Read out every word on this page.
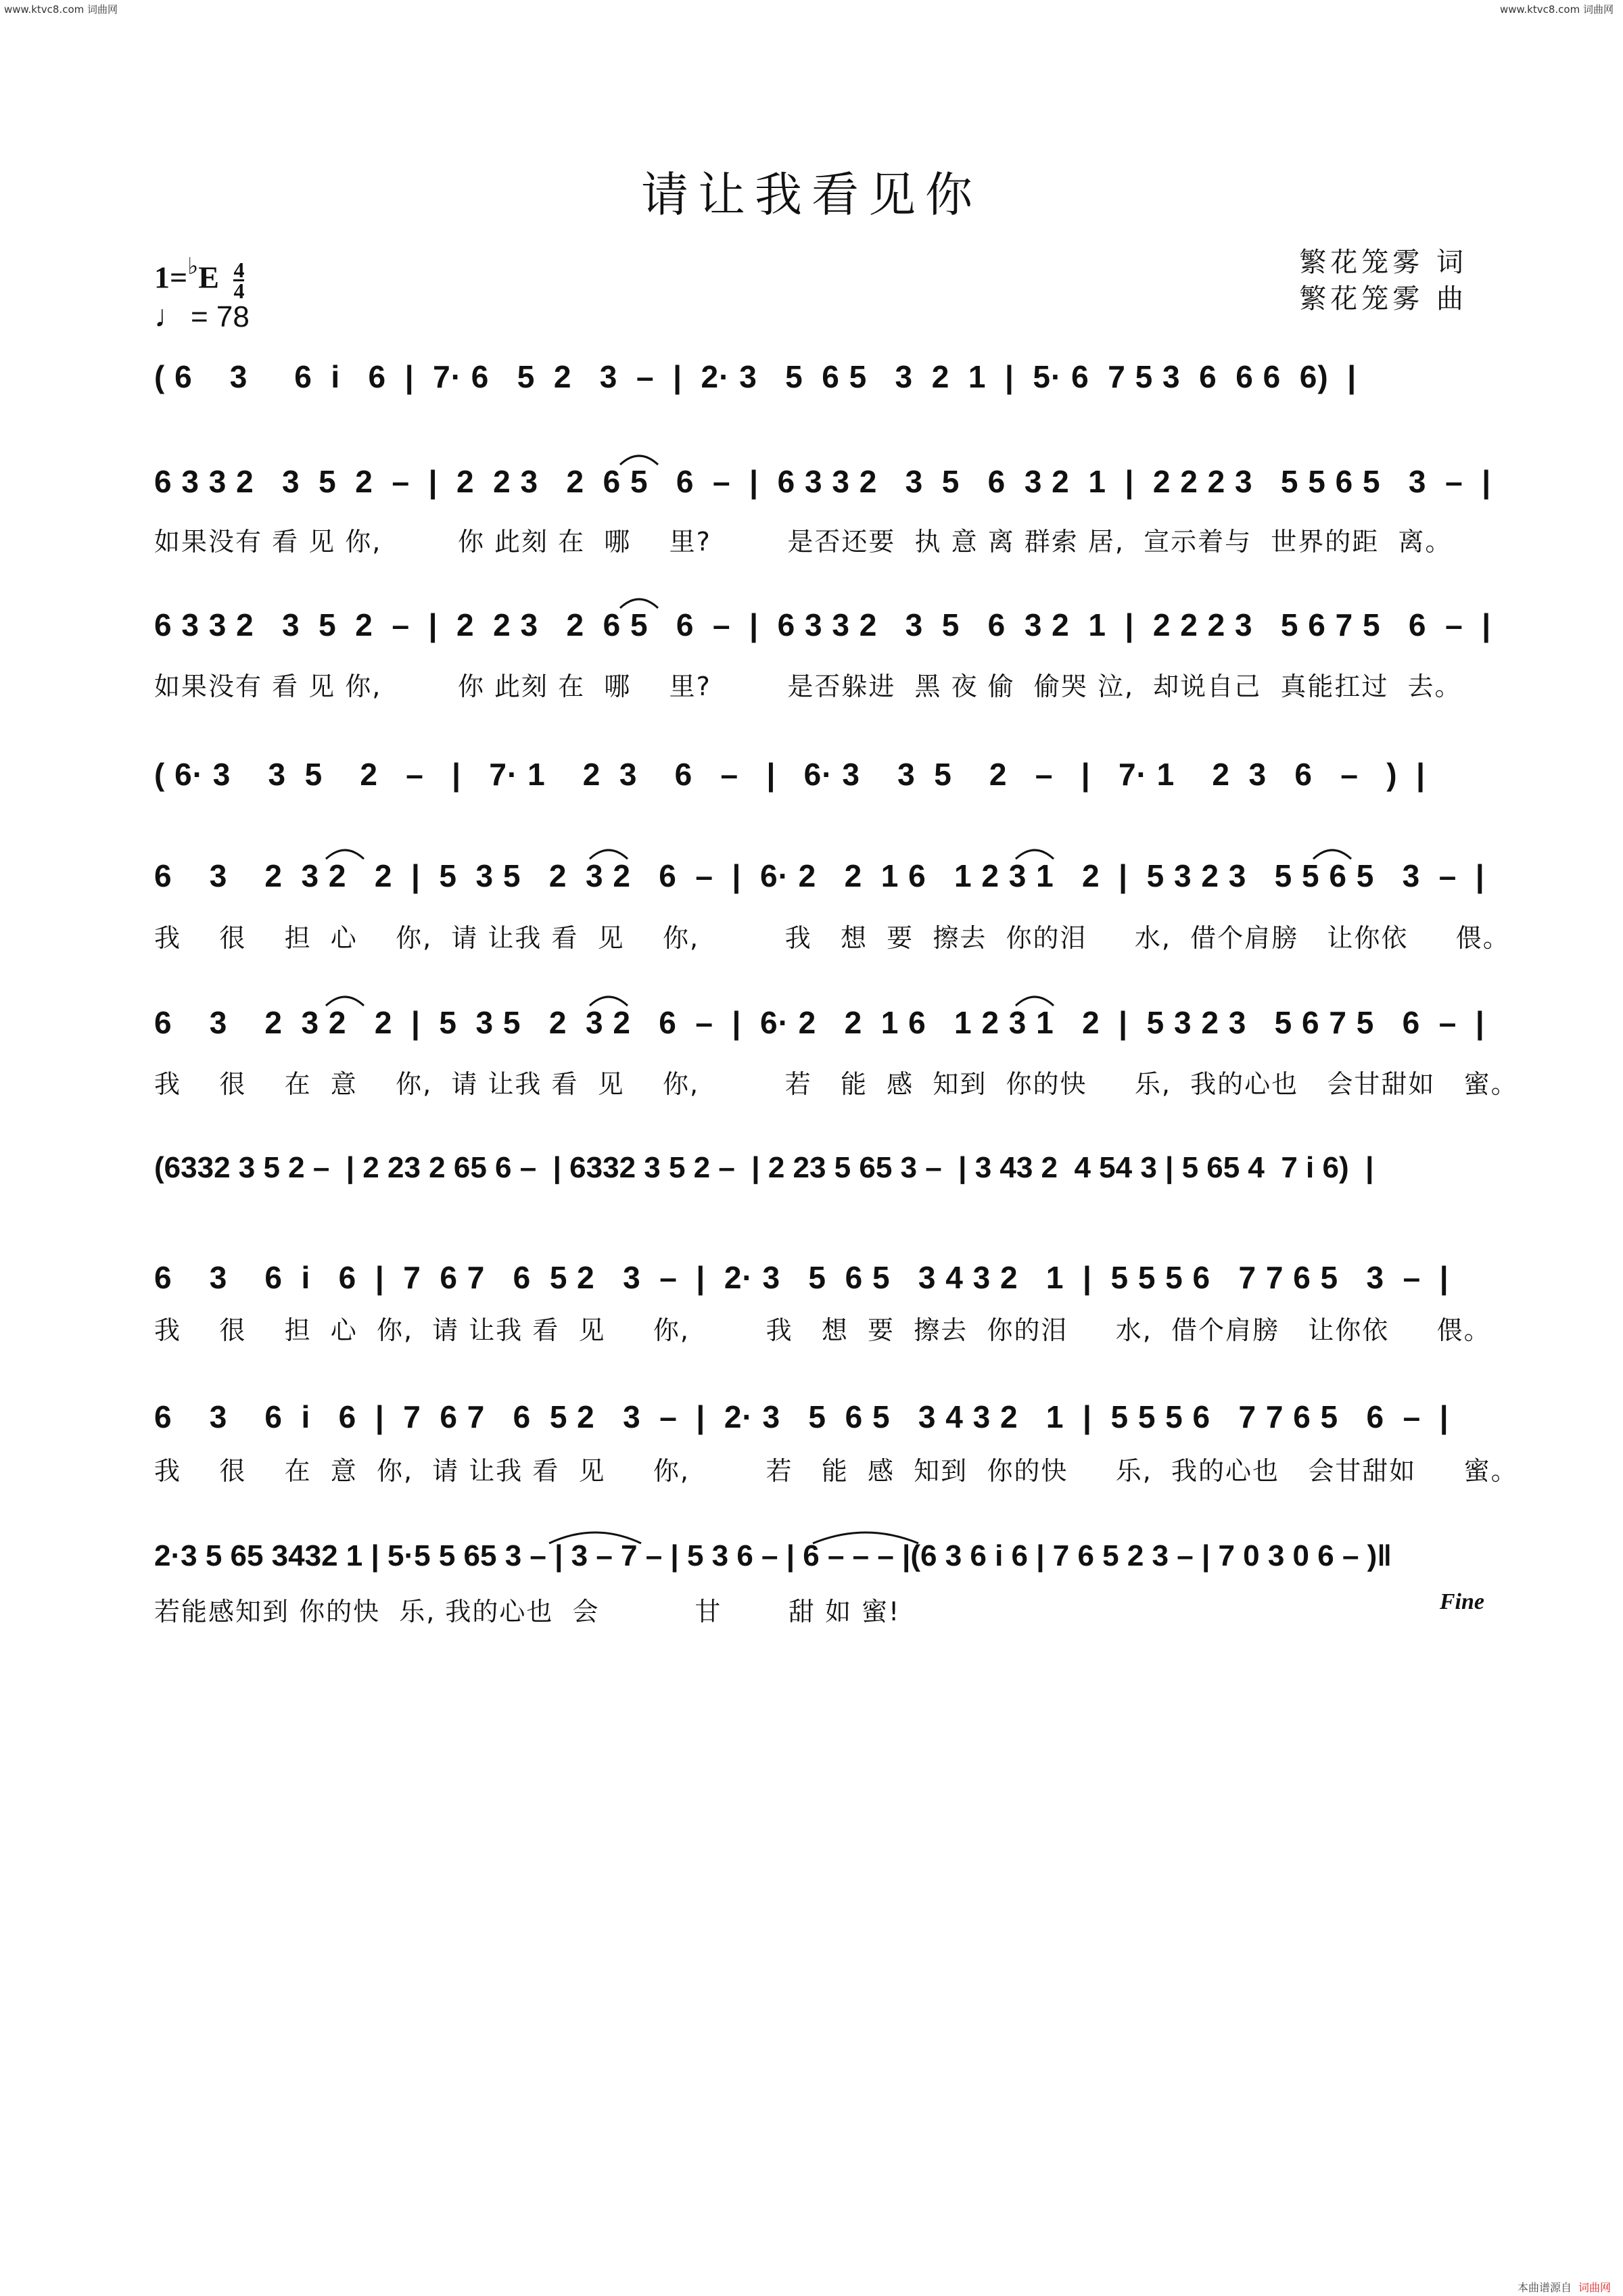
www.ktvc8.com 词曲网	www.ktvc8.com 词曲网
请让我看见你
繁花笼雾 词
繁花笼雾 曲
$1=^♭E \frac{4}{4}$
♩ = 78
( 6    3     6  i   6  |  7· 6   5  2   3  –  |  2· 3   5  6 5   3  2  1  |  5· 6  7 5 3  6  6 6  6)  |
6 3 3 2   3  5  2  –  |  2  2 3   2  6 5   6  –  |  6 3 3 2   3  5   6  3 2  1  |  2 2 2 3   5 5 6 5   3  –  |
如果没有 看 见 你,        你 此刻 在  哪    里?        是否还要  执 意 离 群索 居,  宣示着与  世界的距  离。
6 3 3 2   3  5  2  –  |  2  2 3   2  6 5   6  –  |  6 3 3 2   3  5   6  3 2  1  |  2 2 2 3   5 6 7 5   6  –  |
如果没有 看 见 你,        你 此刻 在  哪    里?        是否躲进  黑 夜 偷  偷哭 泣,  却说自己  真能扛过  去。
( 6· 3    3  5    2   –   |   7· 1    2  3    6   –   |   6· 3    3  5    2   –   |   7· 1    2  3   6   –   )  |
6    3    2  3 2   2  |  5  3 5   2  3 2   6  –  |  6· 2   2  1 6   1 2 3 1   2  |  5 3 2 3   5 5 6 5   3  –  |
我    很    担  心    你,  请 让我 看  见    你,         我   想  要  擦去  你的泪     水,  借个肩膀   让你依     偎。
6    3    2  3 2   2  |  5  3 5   2  3 2   6  –  |  6· 2   2  1 6   1 2 3 1   2  |  5 3 2 3   5 6 7 5   6  –  |
我    很    在  意    你,  请 让我 看  见    你,         若   能  感  知到  你的快     乐,  我的心也   会甘甜如   蜜。
(6332 3 5 2 –  | 2 23 2 65 6 –  | 6332 3 5 2 –  | 2 23 5 65 3 –  | 3 43 2  4 54 3 | 5 65 4  7 i 6)  |
6    3    6  i   6  |  7  6 7   6  5 2   3  –  |  2· 3   5  6 5   3 4 3 2   1  |  5 5 5 6   7 7 6 5   3  –  |
我    很    担  心  你,  请 让我 看  见     你,        我   想  要  擦去  你的泪     水,  借个肩膀   让你依     偎。
6    3    6  i   6  |  7  6 7   6  5 2   3  –  |  2· 3   5  6 5   3 4 3 2   1  |  5 5 5 6   7 7 6 5   6  –  |
我    很    在  意  你,  请 让我 看  见     你,        若   能  感  知到  你的快     乐,  我的心也   会甘甜如     蜜。
2·3 5 65 3432 1 | 5·5 5 65 3 – | 3 – 7 – | 5 3 6 – | 6 – – – |(6 3 6 i 6 | 7 6 5 2 3 – | 7 0 3 0 6 – )‖
若能感知到 你的快  乐, 我的心也  会          甘       甜 如 蜜!	Fine
本曲谱源自 词曲网
